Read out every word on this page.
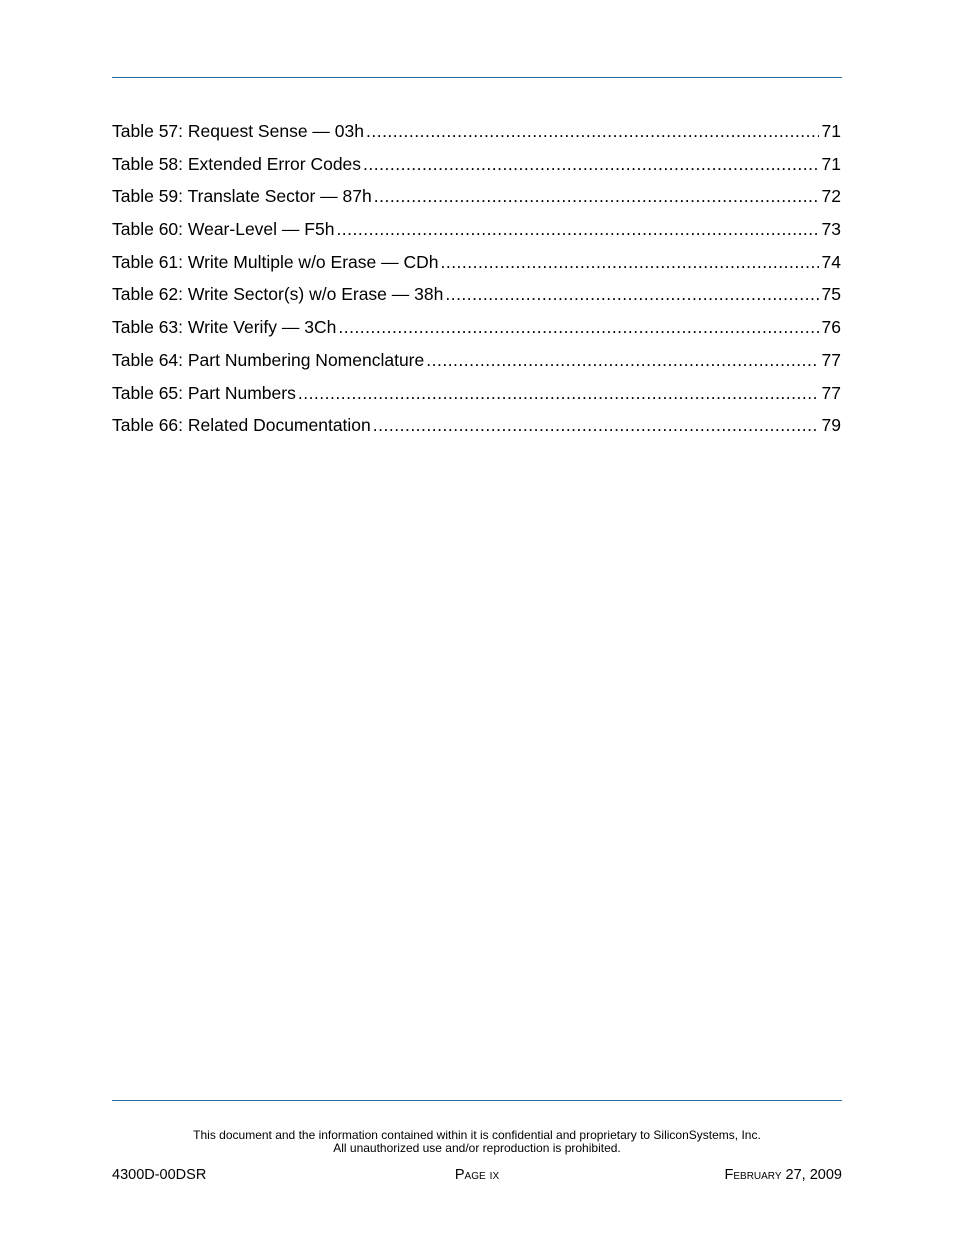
Table 57: Request Sense — 03h .....	71
Table 58: Extended Error Codes .....	71
Table 59: Translate Sector — 87h .....	72
Table 60: Wear-Level — F5h .....	73
Table 61: Write Multiple w/o Erase — CDh .....	74
Table 62: Write Sector(s) w/o Erase — 38h .....	75
Table 63: Write Verify — 3Ch .....	76
Table 64: Part Numbering Nomenclature .....	77
Table 65: Part Numbers .....	77
Table 66: Related Documentation .....	79
This document and the information contained within it is confidential and proprietary to SiliconSystems, Inc.
All unauthorized use and/or reproduction is prohibited.
4300D-00DSR	Page ix	February 27, 2009
